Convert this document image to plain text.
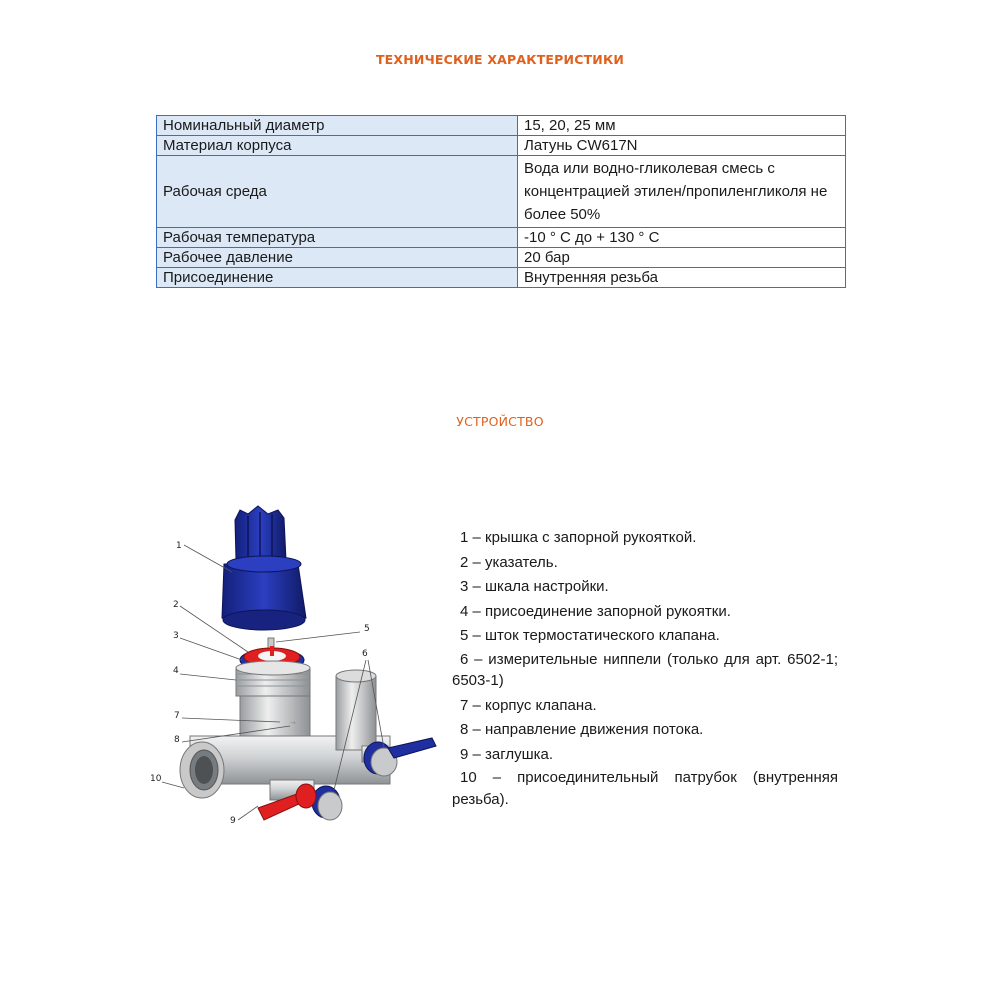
ТЕХНИЧЕСКИЕ ХАРАКТЕРИСТИКИ
Номинальный диаметр	15, 20, 25 мм
Материал корпуса	Латунь CW617N
Рабочая среда	Вода или водно-гликолевая смесь с концентрацией этилен/пропиленгликоля не более 50%
Рабочая температура	-10 ° С до + 130 ° С
Рабочее давление	20 бар
Присоединение	Внутренняя резьба
УСТРОЙСТВО
→
1
2
3
4
5
6
7
8
10
9
1 – крышка с запорной рукояткой.
2 – указатель.
3 – шкала настройки.
4 – присоединение запорной рукоятки.
5 – шток термостатического клапана.
6 – измерительные ниппели (только для арт. 6502-1; 6503-1)
7 – корпус клапана.
8 – направление движения потока.
9 – заглушка.
10 – присоединительный патрубок (внутренняя резьба).
